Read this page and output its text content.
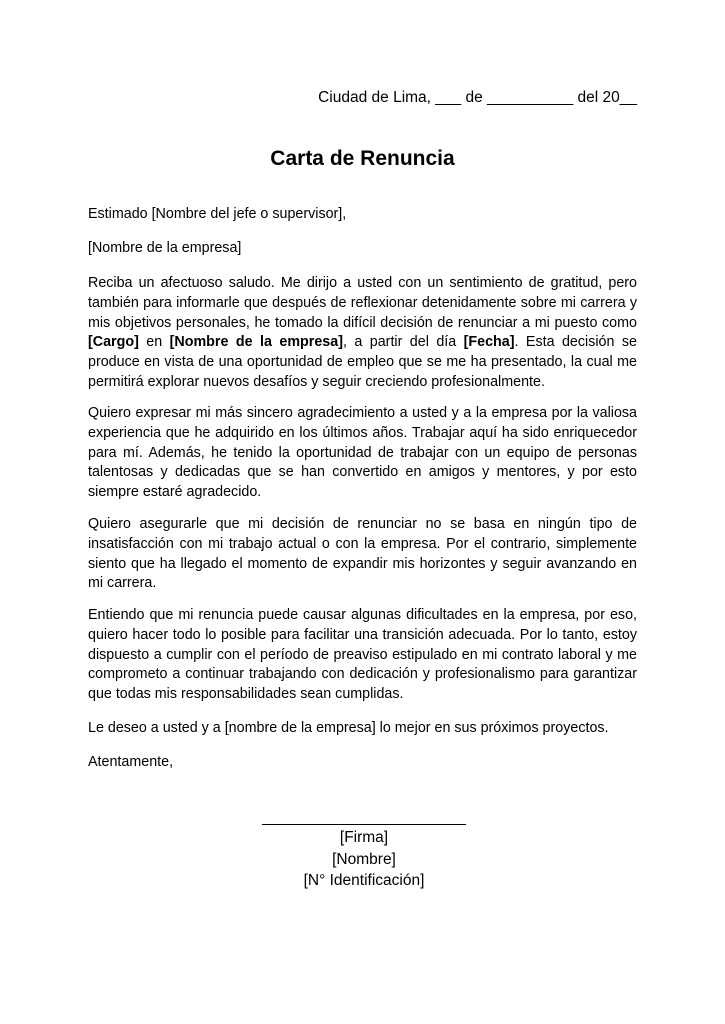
Ciudad de Lima, ___ de __________ del 20__
Carta de Renuncia

Estimado [Nombre del jefe o supervisor],

[Nombre de la empresa]

Reciba un afectuoso saludo. Me dirijo a usted con un sentimiento de gratitud, pero también para informarle que después de reflexionar detenidamente sobre mi carrera y mis objetivos personales, he tomado la difícil decisión de renunciar a mi puesto como [Cargo] en [Nombre de la empresa], a partir del día [Fecha]. Esta decisión se produce en vista de una oportunidad de empleo que se me ha presentado, la cual me permitirá explorar nuevos desafíos y seguir creciendo profesionalmente.

Quiero expresar mi más sincero agradecimiento a usted y a la empresa por la valiosa experiencia que he adquirido en los últimos años. Trabajar aquí ha sido enriquecedor para mí. Además, he tenido la oportunidad de trabajar con un equipo de personas talentosas y dedicadas que se han convertido en amigos y mentores, y por esto siempre estaré agradecido.

Quiero asegurarle que mi decisión de renunciar no se basa en ningún tipo de insatisfacción con mi trabajo actual o con la empresa. Por el contrario, simplemente siento que ha llegado el momento de expandir mis horizontes y seguir avanzando en mi carrera.

Entiendo que mi renuncia puede causar algunas dificultades en la empresa, por eso, quiero hacer todo lo posible para facilitar una transición adecuada. Por lo tanto, estoy dispuesto a cumplir con el período de preaviso estipulado en mi contrato laboral y me comprometo a continuar trabajando con dedicación y profesionalismo para garantizar que todas mis responsabilidades sean cumplidas.

Le deseo a usted y a [nombre de la empresa] lo mejor en sus próximos proyectos.

Atentamente,

[Firma]
[Nombre]
[N° Identificación]
